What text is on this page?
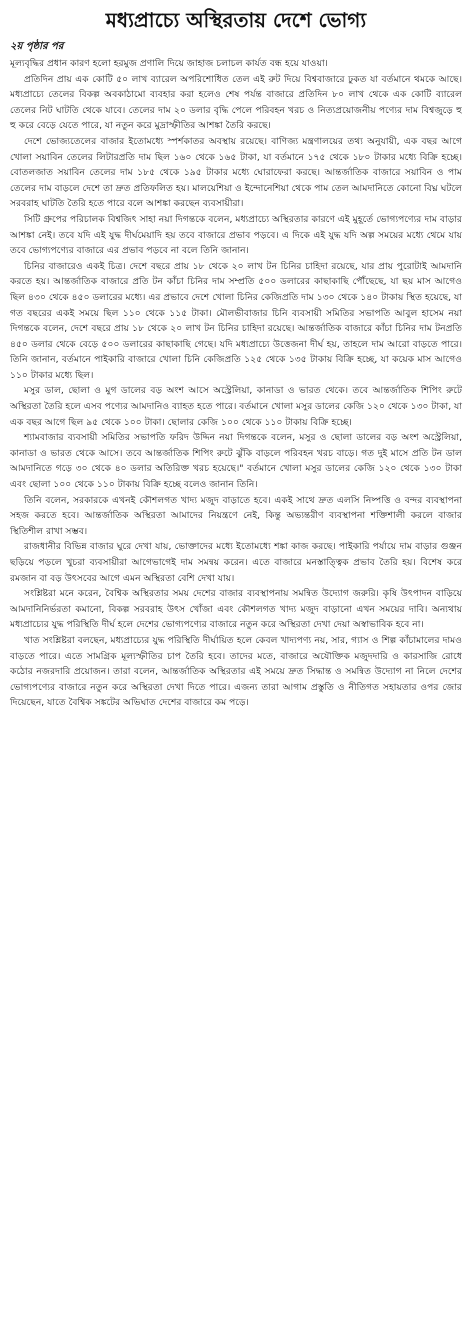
মধ্যপ্রাচ্যে অস্থিরতায় দেশে ভোগ্য
২য় পৃষ্ঠার পর

মূল্যবৃদ্ধির প্রধান কারণ হলো হরমুজ প্রণালি দিয়ে জাহাজ চলাচল কার্যত বন্ধ হয়ে যাওয়া।

প্রতিদিন প্রায় এক কোটি ৫০ লাখ ব্যারেল অপরিশোধিত তেল এই রুট দিয়ে বিশ্ববাজারে ঢুকত যা বর্তমানে থমকে আছে। মধ্যপ্রাচ্যে তেলের বিকল্প অবকাঠামো ব্যবহার করা হলেও শেষ পর্যন্ত বাজারে প্রতিদিন ৮০ লাখ থেকে এক কোটি ব্যারেল তেলের নিট ঘাটতি থেকে যাবে। তেলের দাম ২০ ডলার বৃদ্ধি পেলে পরিবহন খরচ ও নিত্যপ্রয়োজনীয় পণ্যের দাম বিশ্বজুড়ে হু হু করে বেড়ে যেতে পারে, যা নতুন করে মুদ্রাস্ফীতির আশঙ্কা তৈরি করছে।

দেশে ভোজ্যতেলের বাজার ইতোমধ্যে স্পর্শকাতর অবস্থায় রয়েছে। বাণিজ্য মন্ত্রণালয়ের তথ্য অনুযায়ী, এক বছর আগে খোলা সয়াবিন তেলের লিটারপ্রতি দাম ছিল ১৬০ থেকে ১৬৫ টাকা, যা বর্তমানে ১৭৫ থেকে ১৮০ টাকার মধ্যে বিক্রি হচ্ছে। বোতলজাত সয়াবিন তেলের দাম ১৮৫ থেকে ১৯৫ টাকার মধ্যে ঘোরাফেরা করছে। আন্তর্জাতিক বাজারে সয়াবিন ও পাম তেলের দাম বাড়লে দেশে তা দ্রুত প্রতিফলিত হয়। মালয়েশিয়া ও ইন্দোনেশিয়া থেকে পাম তেল আমদানিতে কোনো বিঘ্ন ঘটলে সরবরাহ ঘাটতি তৈরি হতে পারে বলে আশঙ্কা করছেন ব্যবসায়ীরা।

সিটি গ্রুপের পরিচালক বিশ্বজিৎ সাহা নয়া দিগন্তকে বলেন, মধ্যপ্রাচ্যে অস্থিরতার কারণে এই মুহূর্তে ভোগ্যপণ্যের দাম বাড়ার আশঙ্কা নেই। তবে যদি এই যুদ্ধ দীর্ঘমেয়াদি হয় তবে বাজারে প্রভাব পড়বে। এ দিকে এই যুদ্ধ যদি অল্প সময়ের মধ্যে থেমে যায় তবে ভোগ্যপণ্যের বাজারে এর প্রভাব পড়বে না বলে তিনি জানান।

চিনির বাজারেও একই চিত্র। দেশে বছরে প্রায় ১৮ থেকে ২০ লাখ টন চিনির চাহিদা রয়েছে, যার প্রায় পুরোটাই আমদানি করতে হয়। আন্তর্জাতিক বাজারে প্রতি টন কাঁচা চিনির দাম সম্প্রতি ৫০০ ডলারের কাছাকাছি পৌঁছেছে, যা ছয় মাস আগেও ছিল ৪৩০ থেকে ৪৫০ ডলারের মধ্যে। এর প্রভাবে দেশে খোলা চিনির কেজিপ্রতি দাম ১৩০ থেকে ১৪০ টাকায় স্থিত হয়েছে, যা গত বছরের একই সময়ে ছিল ১১০ থেকে ১১৫ টাকা। মৌলভীবাজার চিনি ব্যবসায়ী সমিতির সভাপতি আবুল হাসেম নয়া দিগন্তকে বলেন, দেশে বছরে প্রায় ১৮ থেকে ২০ লাখ টন চিনির চাহিদা রয়েছে। আন্তর্জাতিক বাজারে কাঁচা চিনির দাম টনপ্রতি ৪৫০ ডলার থেকে বেড়ে ৫০০ ডলারের কাছাকাছি গেছে। যদি মধ্যপ্রাচ্যে উত্তেজনা দীর্ঘ হয়, তাহলে দাম আরো বাড়তে পারে। তিনি জানান, বর্তমানে পাইকারি বাজারে খোলা চিনি কেজিপ্রতি ১২৫ থেকে ১৩৫ টাকায় বিক্রি হচ্ছে, যা কয়েক মাস আগেও ১১০ টাকার মধ্যে ছিল।

মসুর ডাল, ছোলা ও মুগ ডালের বড় অংশ আসে অস্ট্রেলিয়া, কানাডা ও ভারত থেকে। তবে আন্তর্জাতিক শিপিং রুটে অস্থিরতা তৈরি হলে এসব পণ্যের আমদানিও ব্যাহত হতে পারে। বর্তমানে খোলা মসুর ডালের কেজি ১২০ থেকে ১৩০ টাকা, যা এক বছর আগে ছিল ৯৫ থেকে ১০০ টাকা। ছোলার কেজি ১০০ থেকে ১১০ টাকায় বিক্রি হচ্ছে।

শ্যামবাজার ব্যবসায়ী সমিতির সভাপতি ফরিদ উদ্দিন নয়া দিগন্তকে বলেন, মসুর ও ছোলা ডালের বড় অংশ অস্ট্রেলিয়া, কানাডা ও ভারত থেকে আসে। তবে আন্তর্জাতিক শিপিং রুটে ঝুঁকি বাড়লে পরিবহন খরচ বাড়ে। গত দুই মাসে প্রতি টন ডাল আমদানিতে গড়ে ৩০ থেকে ৪০ ডলার অতিরিক্ত খরচ হয়েছে।" বর্তমানে খোলা মসুর ডালের কেজি ১২০ থেকে ১৩০ টাকা এবং ছোলা ১০০ থেকে ১১০ টাকায় বিক্রি হচ্ছে বলেও জানান তিনি।

তিনি বলেন, সরকারকে এখনই কৌশলগত খাদ্য মজুদ বাড়াতে হবে। একই সাথে দ্রুত এলসি নিষ্পত্তি ও বন্দর ব্যবস্থাপনা সহজ করতে হবে। আন্তর্জাতিক অস্থিরতা আমাদের নিয়ন্ত্রণে নেই, কিন্তু অভ্যন্তরীণ ব্যবস্থাপনা শক্তিশালী করলে বাজার স্থিতিশীল রাখা সম্ভব।

রাজধানীর বিভিন্ন বাজার ঘুরে দেখা যায়, ভোক্তাদের মধ্যে ইতোমধ্যে শঙ্কা কাজ করছে। পাইকারি পর্যায়ে দাম বাড়ার গুঞ্জন ছড়িয়ে পড়লে খুচরা ব্যবসায়ীরা আগেভাগেই দাম সমন্বয় করেন। এতে বাজারে মনস্তাত্ত্বিক প্রভাব তৈরি হয়। বিশেষ করে রমজান বা বড় উৎসবের আগে এমন অস্থিরতা বেশি দেখা যায়।

সংশ্লিষ্টরা মনে করেন, বৈশ্বিক অস্থিরতার সময় দেশের বাজার ব্যবস্থাপনায় সমন্বিত উদ্যোগ জরুরি। কৃষি উৎপাদন বাড়িয়ে আমদানিনির্ভরতা কমানো, বিকল্প সরবরাহ উৎস খোঁজা এবং কৌশলগত খাদ্য মজুদ বাড়ানো এখন সময়ের দাবি। অন্যথায় মধ্যপ্রাচ্যের যুদ্ধ পরিস্থিতি দীর্ঘ হলে দেশের ভোগ্যপণ্যের বাজারে নতুন করে অস্থিরতা দেখা দেয়া অস্বাভাবিক হবে না।

খাত সংশ্লিষ্টরা বলছেন, মধ্যপ্রাচ্যের যুদ্ধ পরিস্থিতি দীর্ঘায়িত হলে কেবল খাদ্যপণ্য নয়, সার, গ্যাস ও শিল্প কাঁচামালের দামও বাড়তে পারে। এতে সামগ্রিক মূল্যস্ফীতির চাপ তৈরি হবে। তাদের মতে, বাজারে অযৌক্তিক মজুদদারি ও কারসাজি রোধে কঠোর নজরদারি প্রয়োজন। তারা বলেন, আন্তর্জাতিক অস্থিরতার এই সময়ে দ্রুত সিদ্ধান্ত ও সমন্বিত উদ্যোগ না নিলে দেশের ভোগ্যপণ্যের বাজারে নতুন করে অস্থিরতা দেখা দিতে পারে। এজন্য তারা আগাম প্রস্তুতি ও নীতিগত সহায়তার ওপর জোর দিয়েছেন, যাতে বৈশ্বিক সঙ্কটের অভিঘাত দেশের বাজারে কম পড়ে।
